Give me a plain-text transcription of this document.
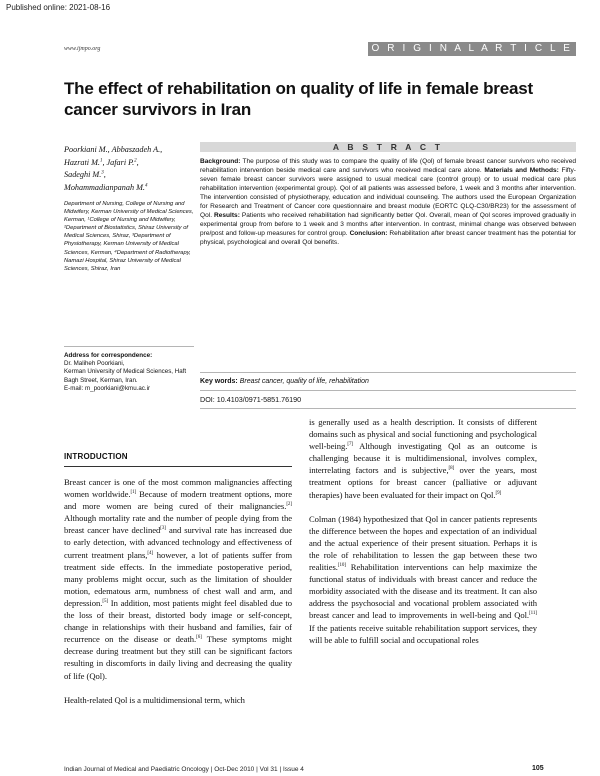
Published online: 2021-08-16
www.ijmpo.org	O R I G I N A L A R T I C L E
The effect of rehabilitation on quality of life in female breast cancer survivors in Iran
Poorkiani M., Abbaszadeh A.,
Hazrati M.$^1$, Jafari P.$^2$,
Sadeghi M.$^3$,
Mohammadianpanah M.$^4$
Department of Nursing, College of Nursing and Midwifery, Kerman University of Medical Sciences, Kerman, ¹College of Nursing and Midwifery, ²Department of Biostatistics, Shiraz University of Medical Sciences, Shiraz, ³Department of Physiotherapy, Kerman University of Medical Sciences, Kerman, ⁴Department of Radiotherapy, Namazi Hospital, Shiraz University of Medical Sciences, Shiraz, Iran
Address for correspondence:
Dr. Maliheh Poorkiani,
Kerman University of Medical Sciences, Haft Bagh Street, Kerman, Iran.
E-mail: m_poorkiani@kmu.ac.ir
A B S T R A C T
Background: The purpose of this study was to compare the quality of life (Qol) of female breast cancer survivors who received rehabilitation intervention beside medical care and survivors who received medical care alone. Materials and Methods: Fifty-seven female breast cancer survivors were assigned to usual medical care (control group) or to usual medical care plus rehabilitation intervention (experimental group). Qol of all patients was assessed before, 1 week and 3 months after intervention. The intervention consisted of physiotherapy, education and individual counseling. The authors used the European Organization for Research and Treatment of Cancer core questionnaire and breast module (EORTC QLQ-C30/BR23) for the assessment of Qol. Results: Patients who received rehabilitation had significantly better Qol. Overall, mean of Qol scores improved gradually in experimental group from before to 1 week and 3 months after intervention. In contrast, minimal change was observed between pre/post and follow-up measures for control group. Conclusion: Rehabilitation after breast cancer treatment has the potential for physical, psychological and overall Qol benefits.
Key words: Breast cancer, quality of life, rehabilitation
DOI: 10.4103/0971-5851.76190
INTRODUCTION

Breast cancer is one of the most common malignancies affecting women worldwide.[1] Because of modern treatment options, more and more women are being cured of their malignancies.[2] Although mortality rate and the number of people dying from the breast cancer have declined[3] and survival rate has increased due to early detection, with advanced technology and effectiveness of current treatment plans,[4] however, a lot of patients suffer from treatment side effects. In the immediate postoperative period, many problems might occur, such as the limitation of shoulder motion, edematous arm, numbness of chest wall and arm, and depression.[5] In addition, most patients might feel disabled due to the loss of their breast, distorted body image or self-concept, change in relationships with their husband and families, fair of recurrence on the disease or death.[6] These symptoms might decrease during treatment but they still can be significant factors resulting in discomforts in daily living and decreasing the quality of life (Qol).

Health-related Qol is a multidimensional term, which

is generally used as a health description. It consists of different domains such as physical and social functioning and psychological well-being.[7] Although investigating Qol as an outcome is challenging because it is multidimensional, involves complex, interrelating factors and is subjective,[8] over the years, most treatment options for breast cancer (palliative or adjuvant therapies) have been evaluated for their impact on Qol.[9]

Colman (1984) hypothesized that Qol in cancer patients represents the difference between the hopes and expectation of an individual and the actual experience of their present situation. Perhaps it is the role of rehabilitation to lessen the gap between these two realities.[10] Rehabilitation interventions can help maximize the functional status of individuals with breast cancer and reduce the morbidity associated with the disease and its treatment. It can also address the psychosocial and vocational problem associated with breast cancer and lead to improvements in well-being and Qol.[11] If the patients receive suitable rehabilitation support services, they will be able to fulfill social and occupational roles

Indian Journal of Medical and Paediatric Oncology | Oct-Dec 2010 | Vol 31 | Issue 4	105
